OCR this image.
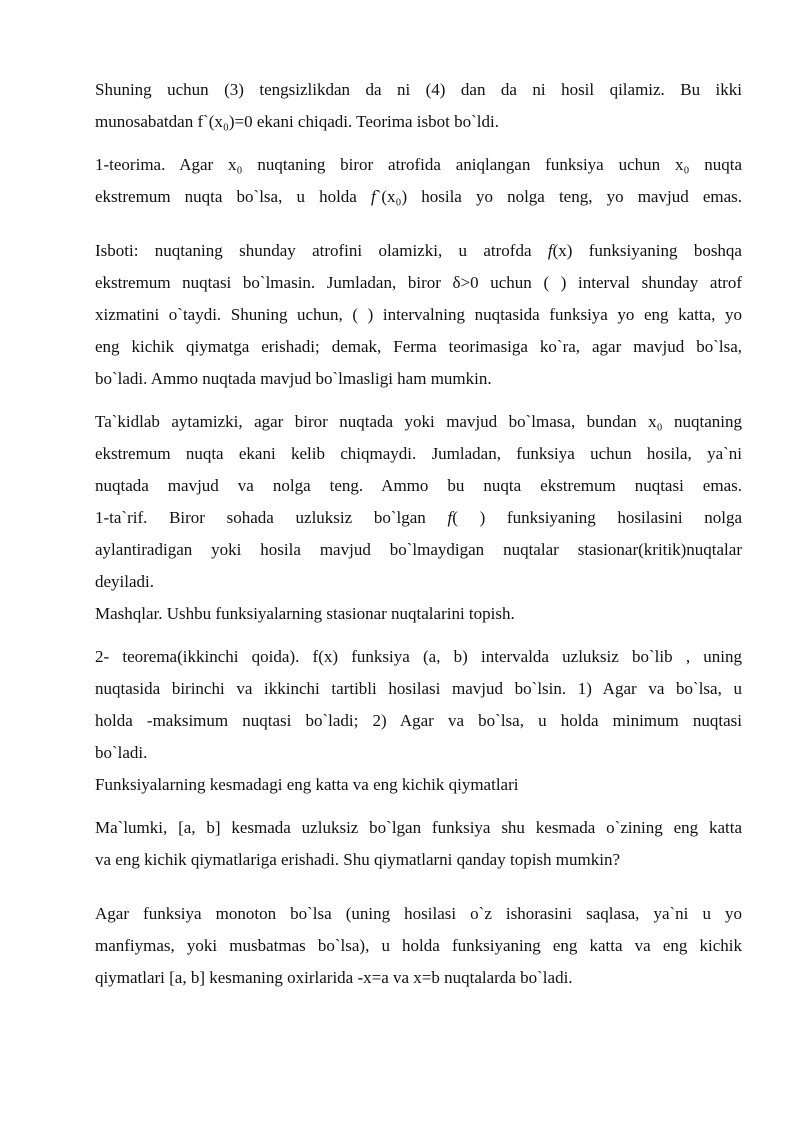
Shuning uchun (3) tengsizlikdan da ni (4) dan da ni hosil qilamiz. Bu ikki

munosabatdan f`(x₀)=0 ekani chiqadi. Teorima isbot bo`ldi.

1-teorima. Agar x₀ nuqtaning biror atrofida aniqlangan funksiya uchun x₀ nuqta

ekstremum nuqta bo`lsa, u holda f`(x₀) hosila yo nolga teng, yo mavjud emas.

Isboti: nuqtaning shunday atrofini olamizki, u atrofda f(x) funksiyaning boshqa

ekstremum nuqtasi bo`lmasin. Jumladan, biror δ>0 uchun ( ) interval shunday atrof

xizmatini o`taydi. Shuning uchun, ( ) intervalning nuqtasida funksiya yo eng katta, yo

eng kichik qiymatga erishadi; demak, Ferma teorimasiga ko`ra, agar mavjud bo`lsa,

bo`ladi. Ammo nuqtada mavjud bo`lmasligi ham mumkin.

Ta`kidlab aytamizki, agar biror nuqtada yoki mavjud bo`lmasa, bundan x₀ nuqtaning

ekstremum nuqta ekani kelib chiqmaydi. Jumladan, funksiya uchun hosila, ya`ni

nuqtada mavjud va nolga teng. Ammo bu nuqta ekstremum nuqtasi emas.

1-ta`rif. Biror sohada uzluksiz bo`lgan f( ) funksiyaning hosilasini nolga

aylantiradigan yoki hosila mavjud bo`lmaydigan nuqtalar stasionar(kritik)nuqtalar

deyiladi.

Mashqlar. Ushbu funksiyalarning stasionar nuqtalarini topish.

2- teorema(ikkinchi qoida). f(x) funksiya (a, b) intervalda uzluksiz bo`lib , uning

nuqtasida birinchi va ikkinchi tartibli hosilasi mavjud bo`lsin. 1) Agar va bo`lsa, u

holda -maksimum nuqtasi bo`ladi; 2) Agar va bo`lsa, u holda minimum nuqtasi

bo`ladi.

Funksiyalarning kesmadagi eng katta va eng kichik qiymatlari

Ma`lumki, [a, b] kesmada uzluksiz bo`lgan funksiya shu kesmada o`zining eng katta

va eng kichik qiymatlariga erishadi. Shu qiymatlarni qanday topish mumkin?

Agar funksiya monoton bo`lsa (uning hosilasi o`z ishorasini saqlasa, ya`ni u yo

manfiymas, yoki musbatmas bo`lsa), u holda funksiyaning eng katta va eng kichik

qiymatlari [a, b] kesmaning oxirlarida -x=a va x=b nuqtalarda bo`ladi.
